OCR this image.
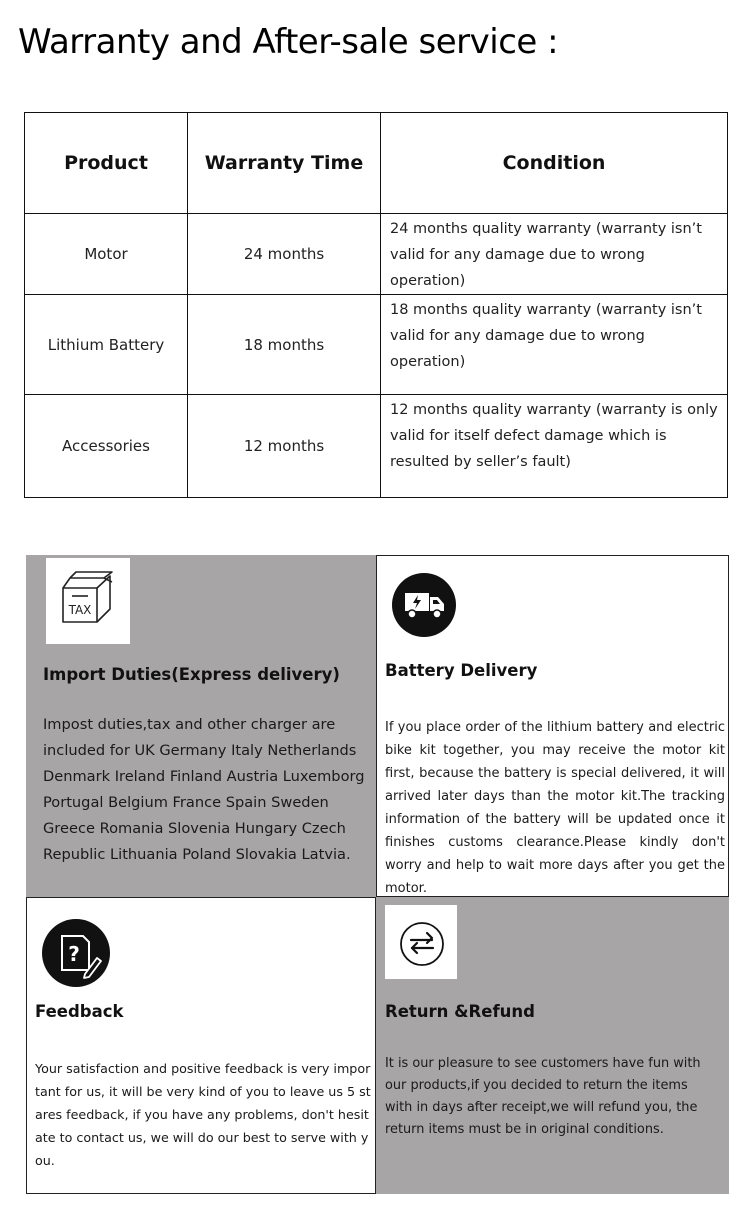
Warranty and After-sale service :
Product	Warranty Time	Condition
Motor	24 months	24 months quality warranty (warranty isn’t valid for any damage due to wrong operation)

Lithium Battery	18 months	18 months quality warranty (warranty isn’t valid for any damage due to wrong operation)

Accessories	12 months	12 months quality warranty (warranty is only valid for itself defect damage which is resulted by seller’s fault)
TAX
Import Duties(Express delivery)

Impost duties,tax and other charger are included for UK Germany Italy Netherlands Denmark Ireland Finland Austria Luxemborg Portugal Belgium France Spain Sweden Greece Romania Slovenia Hungary Czech Republic Lithuania Poland Slovakia Latvia.

Battery Delivery

If you place order of the lithium battery and electric bike kit together, you may receive the motor kit first, because the battery is special delivered, it will arrived later days than the motor kit.The tracking information of the battery will be updated once it finishes customs clearance.Please kindly don't worry and help to wait more days after you get the motor.

?
Feedback

Your satisfaction and positive feedback is very important for us, it will be very kind of you to leave us 5 stares feedback, if you have any problems, don't hesitate to contact us, we will do our best to serve with you.

Return &Refund

It is our pleasure to see customers have fun with our products,if you decided to return the items with in days after receipt,we will refund you, the return items must be in original conditions.
